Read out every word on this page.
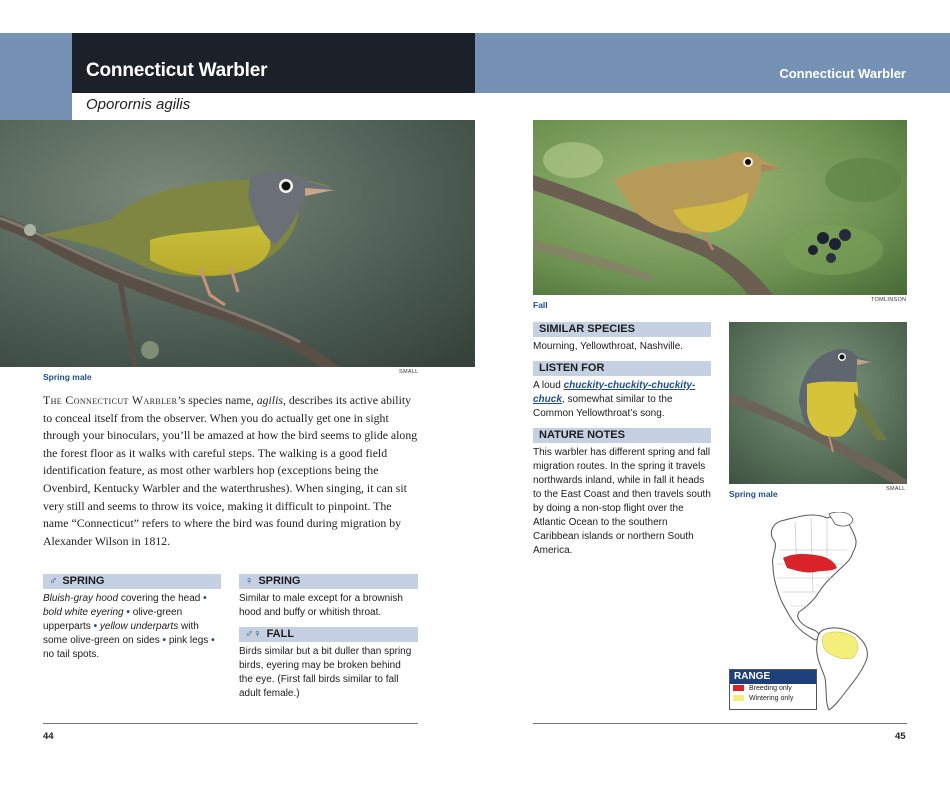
Connecticut Warbler
Oporornis agilis
Connecticut Warbler
Spring male	SMALL
The Connecticut Warbler’s species name, agilis, describes its active ability to conceal itself from the observer. When you do actually get one in sight through your binoculars, you’ll be amazed at how the bird seems to glide along the forest floor as it walks with careful steps. The walking is a good field identification feature, as most other warblers hop (exceptions being the Ovenbird, Kentucky Warbler and the waterthrushes). When singing, it can sit very still and seems to throw its voice, making it difficult to pinpoint. The name “Connecticut” refers to where the bird was found during migration by Alexander Wilson in 1812.
♂ SPRING
Bluish-gray hood covering the head • bold white eyering • olive-green upperparts • yellow underparts with some olive-green on sides • pink legs • no tail spots.
♀ SPRING
Similar to male except for a brownish hood and buffy or whitish throat.
♂♀ FALL
Birds similar but a bit duller than spring birds, eyering may be broken behind the eye. (First fall birds similar to fall adult female.)
44
Fall	TOMLINSON
SIMILAR SPECIES
Mourning, Yellowthroat, Nashville.
LISTEN FOR
A loud chuckity-chuckity-chuckity-chuck, somewhat similar to the Common Yellowthroat’s song.
NATURE NOTES
This warbler has different spring and fall migration routes. In the spring it travels northwards inland, while in fall it heads to the East Coast and then travels south by doing a non-stop flight over the Atlantic Ocean to the southern Caribbean islands or northern South America.
Spring male	SMALL
RANGE
Breeding only
Wintering only
45
